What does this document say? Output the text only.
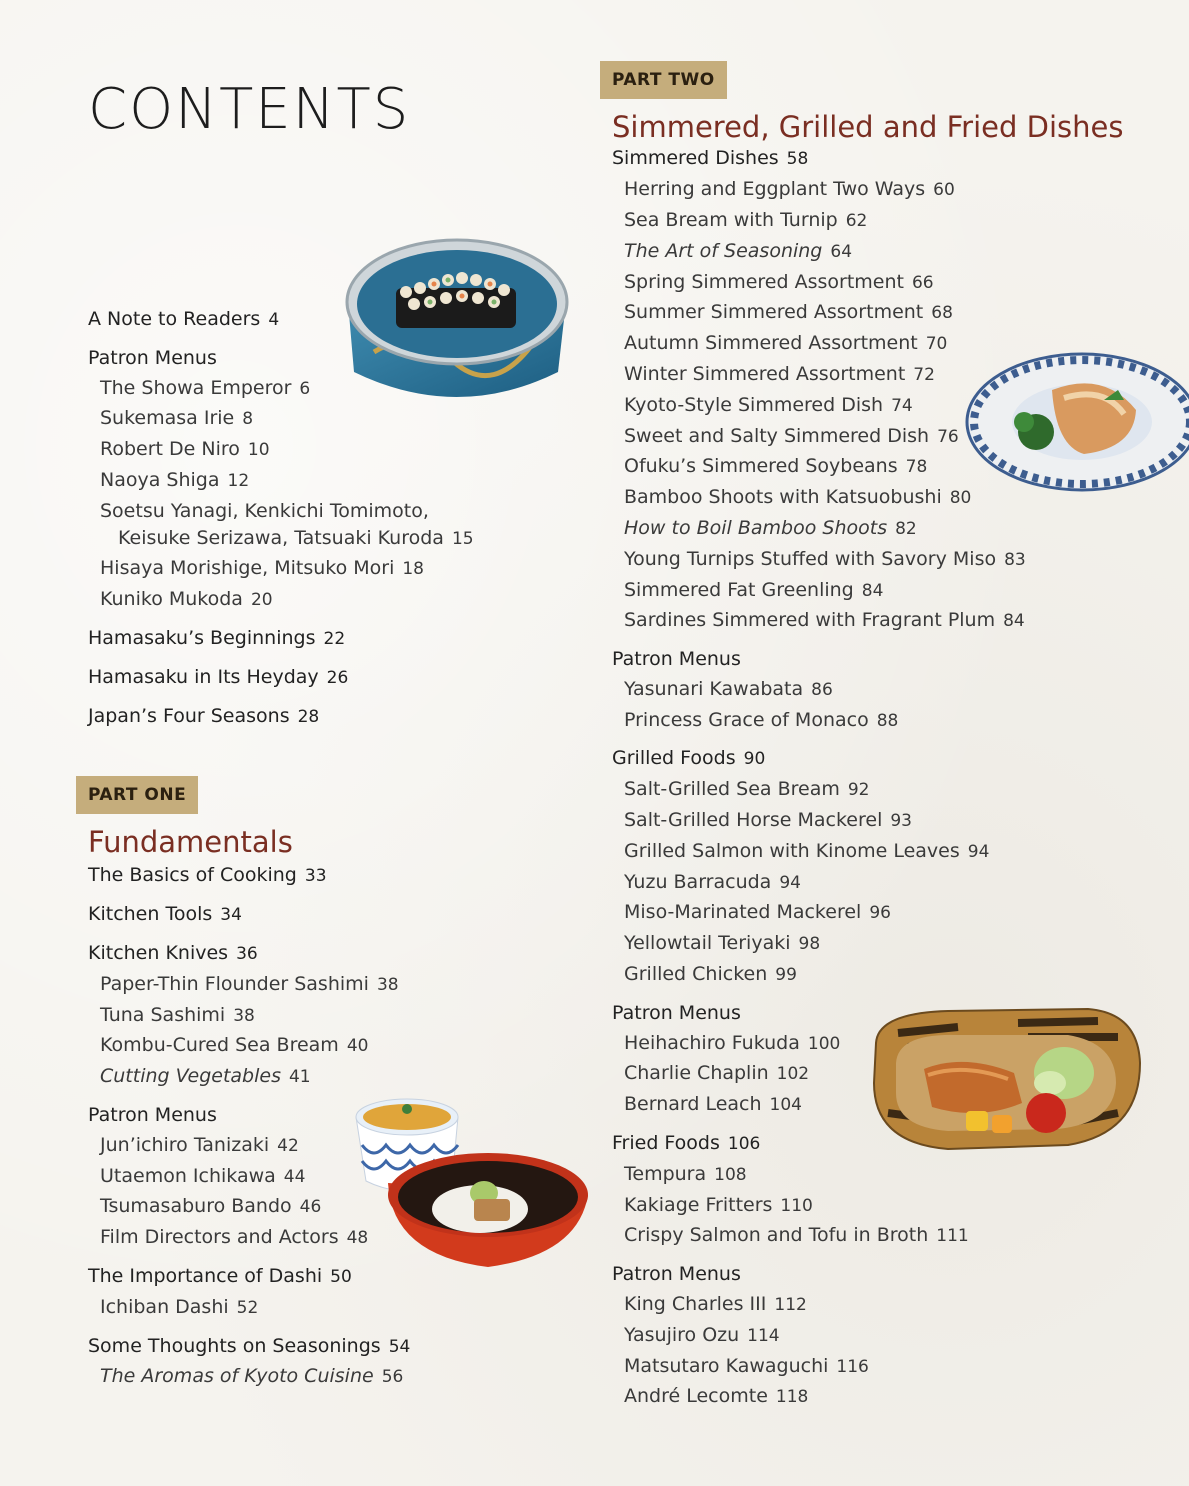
CONTENTS
A Note to Readers 4
Patron Menus
The Showa Emperor 6
Sukemasa Irie 8
Robert De Niro 10
Naoya Shiga 12
Soetsu Yanagi, Kenkichi Tomimoto,
Keisuke Serizawa, Tatsuaki Kuroda 15
Hisaya Morishige, Mitsuko Mori 18
Kuniko Mukoda 20
Hamasaku’s Beginnings 22
Hamasaku in Its Heyday 26
Japan’s Four Seasons 28
PART ONE
Fundamentals
The Basics of Cooking 33
Kitchen Tools 34
Kitchen Knives 36
Paper-Thin Flounder Sashimi 38
Tuna Sashimi 38
Kombu-Cured Sea Bream 40
Cutting Vegetables 41
Patron Menus
Jun’ichiro Tanizaki 42
Utaemon Ichikawa 44
Tsumasaburo Bando 46
Film Directors and Actors 48
The Importance of Dashi 50
Ichiban Dashi 52
Some Thoughts on Seasonings 54
The Aromas of Kyoto Cuisine 56
PART TWO
Simmered, Grilled and Fried Dishes
Simmered Dishes 58
Herring and Eggplant Two Ways 60
Sea Bream with Turnip 62
The Art of Seasoning 64
Spring Simmered Assortment 66
Summer Simmered Assortment 68
Autumn Simmered Assortment 70
Winter Simmered Assortment 72
Kyoto-Style Simmered Dish 74
Sweet and Salty Simmered Dish 76
Ofuku’s Simmered Soybeans 78
Bamboo Shoots with Katsuobushi 80
How to Boil Bamboo Shoots 82
Young Turnips Stuffed with Savory Miso 83
Simmered Fat Greenling 84
Sardines Simmered with Fragrant Plum 84
Patron Menus
Yasunari Kawabata 86
Princess Grace of Monaco 88
Grilled Foods 90
Salt-Grilled Sea Bream 92
Salt-Grilled Horse Mackerel 93
Grilled Salmon with Kinome Leaves 94
Yuzu Barracuda 94
Miso-Marinated Mackerel 96
Yellowtail Teriyaki 98
Grilled Chicken 99
Patron Menus
Heihachiro Fukuda 100
Charlie Chaplin 102
Bernard Leach 104
Fried Foods 106
Tempura 108
Kakiage Fritters 110
Crispy Salmon and Tofu in Broth 111
Patron Menus
King Charles III 112
Yasujiro Ozu 114
Matsutaro Kawaguchi 116
André Lecomte 118
